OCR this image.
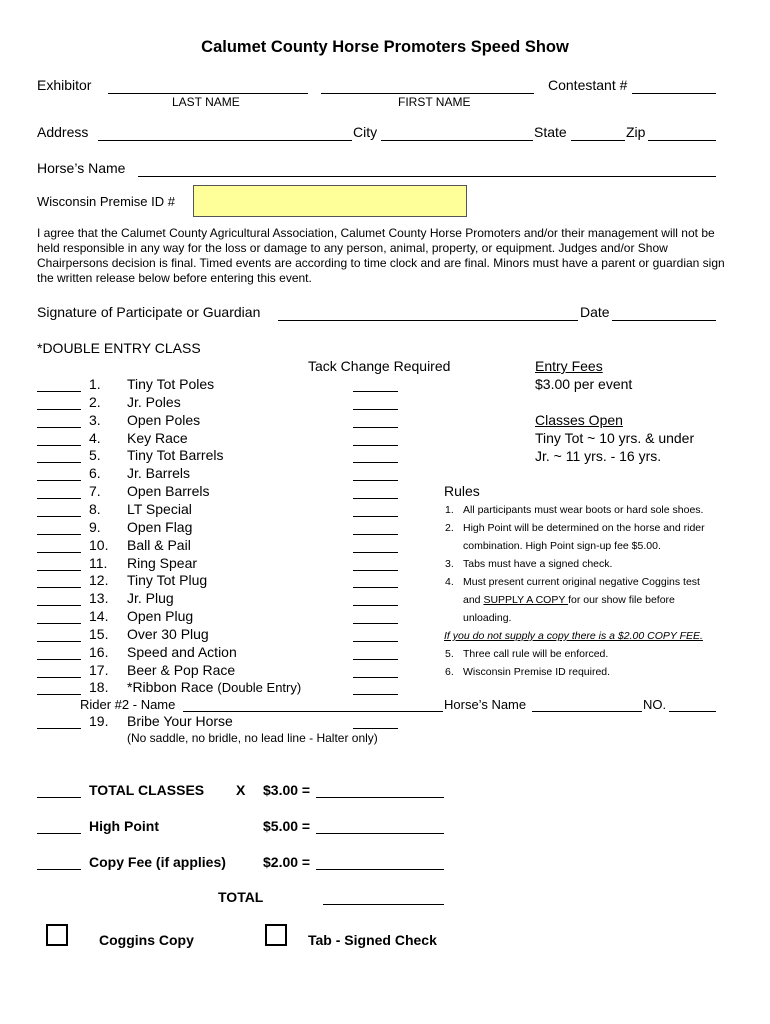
Calumet County Horse Promoters Speed Show
Exhibitor
LAST NAME	FIRST NAME
Contestant #
Address	City	State	Zip
Horse’s Name
Wisconsin Premise ID #
I agree that the Calumet County Agricultural Association, Calumet County Horse Promoters and/or their management will not be held responsible in any way for the loss or damage to any person, animal, property, or equipment. Judges and/or Show Chairpersons decision is final. Timed events are according to time clock and are final. Minors must have a parent or guardian sign the written release below before entering this event.
Signature of Participate or Guardian	Date
*DOUBLE ENTRY CLASS
Tack Change Required
1. Tiny Tot Poles
2. Jr. Poles
3. Open Poles
4. Key Race
5. Tiny Tot Barrels
6. Jr. Barrels
7. Open Barrels
8. LT Special
9. Open Flag
10. Ball & Pail
11. Ring Spear
12. Tiny Tot Plug
13. Jr. Plug
14. Open Plug
15. Over 30 Plug
16. Speed and Action
17. Beer & Pop Race
18. *Ribbon Race (Double Entry)
Rider #2 - Name	Horse’s Name	NO.
19. Bribe Your Horse
(No saddle, no bridle, no lead line - Halter only)
Entry Fees
$3.00 per event
Classes Open
Tiny Tot ~ 10 yrs. & under
Jr. ~ 11 yrs. - 16 yrs.
Rules
1. All participants must wear boots or hard sole shoes.
2. High Point will be determined on the horse and rider
combination. High Point sign-up fee $5.00.
3. Tabs must have a signed check.
4. Must present current original negative Coggins test
and SUPPLY A COPY for our show file before
unloading.
If you do not supply a copy there is a $2.00 COPY FEE.
5. Three call rule will be enforced.
6. Wisconsin Premise ID required.
TOTAL CLASSES X $3.00 =
High Point	$5.00 =
Copy Fee (if applies)	$2.00 =
TOTAL
Coggins Copy	Tab - Signed Check
